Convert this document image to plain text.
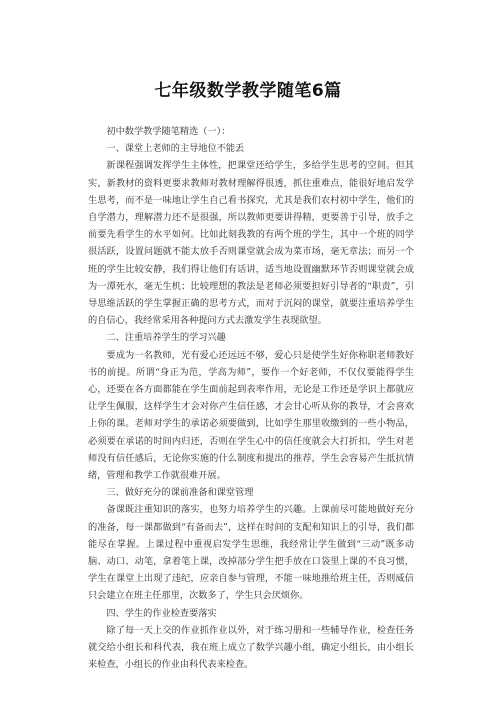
七年级数学教学随笔6篇

初中数学教学随笔精选（一）：

一、课堂上老师的主导地位不能丢

新课程强调发挥学生主体性，把课堂还给学生，多给学生思考的空间。但其实，新教材的资料更要求教师对教材理解得很透，抓住重难点，能很好地启发学生思考，而不是一味地让学生自己看书探究，尤其是我们农村初中学生，他们的自学潜力，理解潜力还不是很强，所以教师更要讲得精，更要善于引导，放手之前要先看学生的水平如何。比如此刻我教的有两个班的学生，其中一个班的同学很活跃，设置问题就不能太放手否则课堂就会成为菜市场，毫无章法；而另一个班的学生比较安静，我们得让他们有话讲，适当地设置幽默环节否则课堂就会成为一潭死水，毫无生机；比较理想的教法是老师必须要担好引导者的“职责”，引导思维活跃的学生掌握正确的思考方式，而对于沉闷的课堂，就要注重培养学生的自信心，我经常采用各种提问方式去激发学生表现欲望。

二、注重培养学生的学习兴趣

要成为一名教师，光有爱心还远远不够，爱心只是使学生好你称职老师教好书的前提。所谓“身正为范，学高为师”，要作一个好老师，不仅仅要能得学生心，还要在各方面都能在学生面前起到表率作用，无论是工作还是学识上都就应让学生佩服，这样学生才会对你产生信任感，才会甘心听从你的教导，才会喜欢上你的课。老师对学生的承诺必须要做到，比如学生那里收缴到的一些小物品，必须要在承诺的时间内归还，否则在学生心中的信任度就会大打折扣，学生对老师没有信任感后，无论你实施的什么制度和提出的推荐，学生会容易产生抵抗情绪，管理和教学工作就很难开展。

三、做好充分的课前准备和课堂管理

备课既注重知识的落实，也努力培养学生的兴趣。上课前尽可能地做好充分的准备，每一课都做到“有备而去”，这样在时间的支配和知识上的引导，我们都能尽在掌握。上课过程中重视启发学生思维，我经常让学生做到“三动”既多动脑、动口、动笔，拿着笔上课，改掉部分学生把手放在口袋里上课的不良习惯，学生在课堂上出现了违纪，应亲自参与管理，不能一味地推给班主任，否则威信只会建立在班主任那里，次数多了，学生只会厌烦你。

四、学生的作业检查要落实

除了每一天上交的作业抓作业以外，对于练习册和一些辅导作业，检查任务就交给小组长和科代表，我在班上成立了数学兴趣小组，确定小组长，由小组长来检查，小组长的作业由科代表来检查。
